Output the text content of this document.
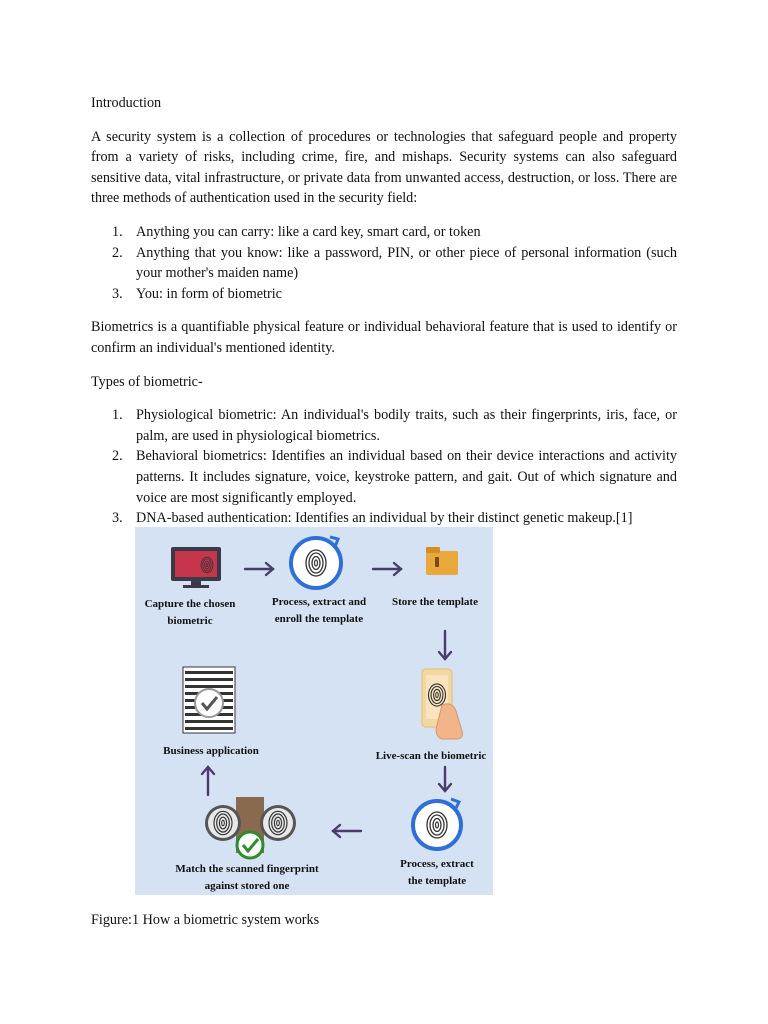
Introduction

A security system is a collection of procedures or technologies that safeguard people and property from a variety of risks, including crime, fire, and mishaps. Security systems can also safeguard sensitive data, vital infrastructure, or private data from unwanted access, destruction, or loss. There are three methods of authentication used in the security field:

1. Anything you can carry: like a card key, smart card, or token
2. Anything that you know: like a password, PIN, or other piece of personal information (such your mother's maiden name)
3. You: in form of biometric

Biometrics is a quantifiable physical feature or individual behavioral feature that is used to identify or confirm an individual's mentioned identity.

Types of biometric-

1. Physiological biometric: An individual's bodily traits, such as their fingerprints, iris, face, or palm, are used in physiological biometrics.
2. Behavioral biometrics: Identifies an individual based on their device interactions and activity patterns. It includes signature, voice, keystroke pattern, and gait. Out of which signature and voice are most significantly employed.
3. DNA-based authentication: Identifies an individual by their distinct genetic makeup.[1]
Capture the chosen
biometric
Process, extract and
enroll the template
Store the template
Live-scan the biometric
Process, extract
the template
Match the scanned fingerprint
against stored one
Business application

Figure:1 How a biometric system works
